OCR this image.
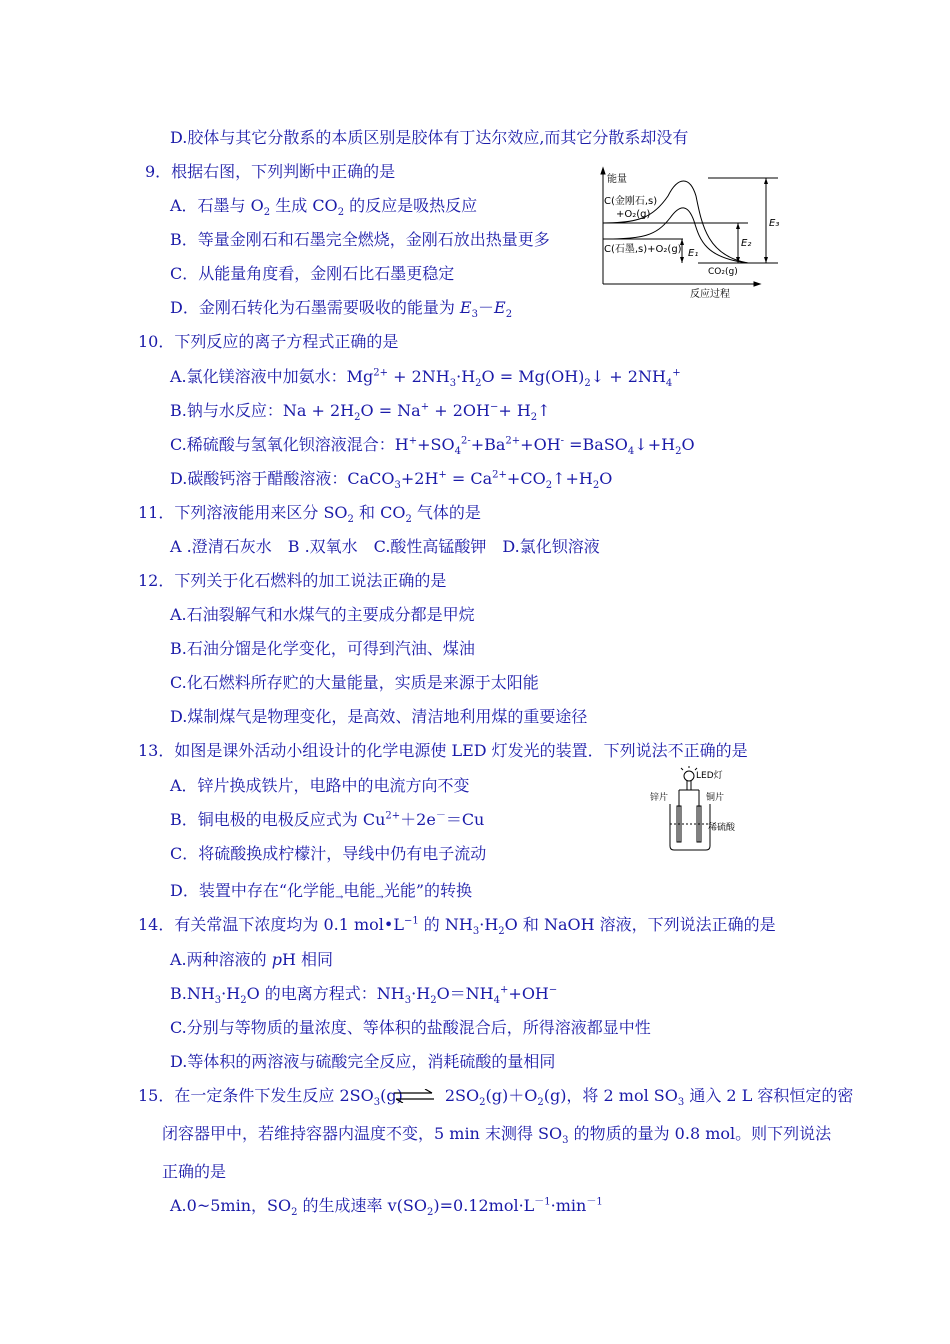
D.胶体与其它分散系的本质区别是胶体有丁达尔效应,而其它分散系却没有
9．根据右图，下列判断中正确的是
A．石墨与 $O_2$ 生成 $CO_2$ 的反应是吸热反应
B．等量金刚石和石墨完全燃烧，金刚石放出热量更多
C．从能量角度看，金刚石比石墨更稳定
D．金刚石转化为石墨需要吸收的能量为 $E_3-E_2$
10．下列反应的离子方程式正确的是
A.氯化镁溶液中加氨水：$Mg^{2+} + 2NH_3\cdot H_2O$ = $Mg(OH)_2↓ + 2NH_4^+$
B.钠与水反应：$Na + 2H_2O = Na^+ + 2OH^-+$ $H_2↑$
C.稀硫酸与氢氧化钡溶液混合：$H^++SO_4^{2-}+Ba^{2+}+OH^-$ $=BaSO_4↓+H_2O$
D.碳酸钙溶于醋酸溶液：CaCO$_3$+2H+ = $Ca^{2+}+CO_2↑+H_2O$
11．下列溶液能用来区分 $SO_2$ 和 $CO_2$ 气体的是
A .澄清石灰水　B .双氧水　C.酸性高锰酸钾　D.氯化钡溶液
12．下列关于化石燃料的加工说法正确的是
A.石油裂解气和水煤气的主要成分都是甲烷
B.石油分馏是化学变化，可得到汽油、煤油
C.化石燃料所存贮的大量能量，实质是来源于太阳能
D.煤制煤气是物理变化，是高效、清洁地利用煤的重要途径
13．如图是课外活动小组设计的化学电源使 LED 灯发光的装置．下列说法不正确的是
A．锌片换成铁片，电路中的电流方向不变
B．铜电极的电极反应式为 $Cu^{2+}+2e^-=Cu$
C．将硫酸换成柠檬汁，导线中仍有电子流动
D．装置中存在“化学能$_\to$电能$_\to$光能”的转换
14．有关常温下浓度均为 0.1 $mol•L^{-1}$ 的 $NH_3\cdot H_2O$ 和 NaOH 溶液，下列说法正确的是
A.两种溶液的 pH 相同
$B.NH_3\cdot H_2O$ 的电离方程式：$NH_3\cdot H_2O=NH_4^++OH^-$
C.分别与等物质的量浓度、等体积的盐酸混合后，所得溶液都显中性
D.等体积的两溶液与硫酸完全反应，消耗硫酸的量相同
15．在一定条件下发生反应 $2SO_3(g)$	$2SO_2(g)+O_2(g)$，将 2 mol $SO_3$ 通入 2 L 容积恒定的密
闭容器甲中，若维持容器内温度不变，5 min 末测得 $SO_3$ 的物质的量为 0.8 mol。则下列说法
正确的是
A.0~5min，$SO_2$ 的生成速率 $v(SO_2)=0.12mol\cdot L^{-1}\cdot\min^{-1}$
能量
C(金刚石,s)
+O₂(g)
C(石墨,s)+O₂(g)
CO₂(g)
E₁
E₂
E₃
反应过程
LED灯
锌片	铜片
稀硫酸
